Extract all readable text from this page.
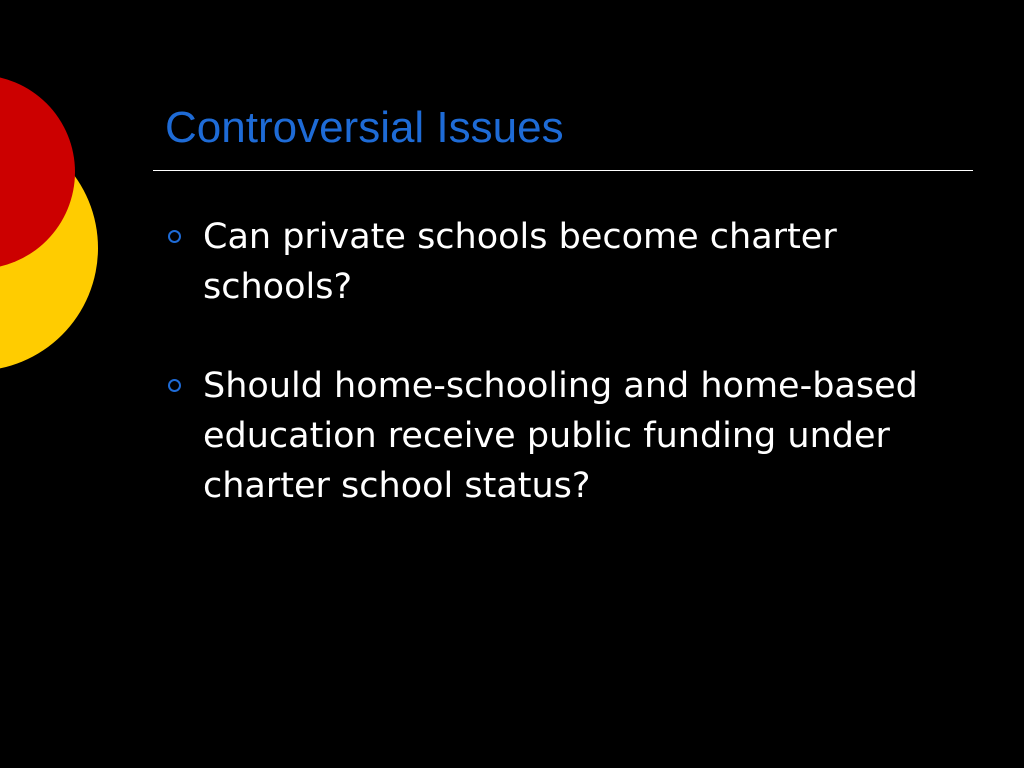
Controversial Issues
Can private schools become charter schools?
Should home-schooling and home-based education receive public funding under charter school status?
